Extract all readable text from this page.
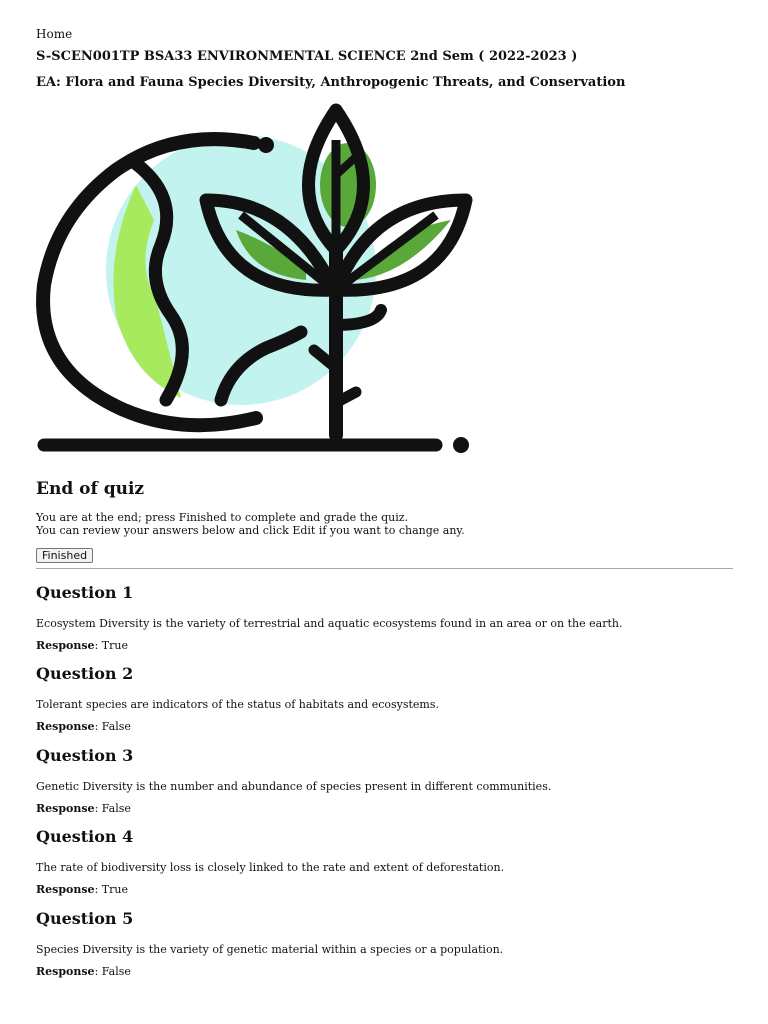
Home
S-SCEN001TP BSA33 ENVIRONMENTAL SCIENCE 2nd Sem ( 2022-2023 )
EA: Flora and Fauna Species Diversity, Anthropogenic Threats, and Conservation
End of quiz
You are at the end; press Finished to complete and grade the quiz.
You can review your answers below and click Edit if you want to change any.
Finished
Question 1
Ecosystem Diversity is the variety of terrestrial and aquatic ecosystems found in an area or on the earth.
Response: True
Question 2
Tolerant species are indicators of the status of habitats and ecosystems.
Response: False
Question 3
Genetic Diversity is the number and abundance of species present in different communities.
Response: False
Question 4
The rate of biodiversity loss is closely linked to the rate and extent of deforestation.
Response: True
Question 5
Species Diversity is the variety of genetic material within a species or a population.
Response: False
